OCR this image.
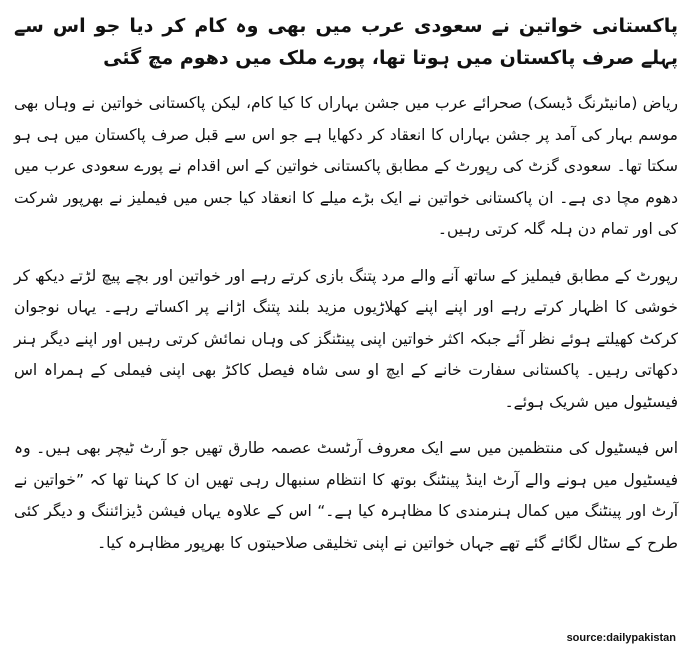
پاکستانی خواتین نے سعودی عرب میں بھی وہ کام کر دیا جو اس سے پہلے صرف پاکستان میں ہوتا تھا، پورے ملک میں دھوم مچ گئی

ریاض (مانیٹرنگ ڈیسک) صحرائے عرب میں جشن بہاراں کا کیا کام، لیکن پاکستانی خواتین نے وہاں بھی موسم بہار کی آمد پر جشن بہاراں کا انعقاد کر دکھایا ہے جو اس سے قبل صرف پاکستان میں ہی ہو سکتا تھا۔ سعودی گزٹ کی رپورٹ کے مطابق پاکستانی خواتین کے اس اقدام نے پورے سعودی عرب میں دھوم مچا دی ہے۔ ان پاکستانی خواتین نے ایک بڑے میلے کا انعقاد کیا جس میں فیملیز نے بھرپور شرکت کی اور تمام دن ہلہ گلہ کرتی رہیں۔

رپورٹ کے مطابق فیملیز کے ساتھ آنے والے مرد پتنگ بازی کرتے رہے اور خواتین اور بچے پیچ لڑتے دیکھ کر خوشی کا اظہار کرتے رہے اور اپنے اپنے کھلاڑیوں مزید بلند پتنگ اڑانے پر اکساتے رہے۔ یہاں نوجوان کرکٹ کھیلتے ہوئے نظر آئے جبکہ اکثر خواتین اپنی پینٹنگز کی وہاں نمائش کرتی رہیں اور اپنے دیگر ہنر دکھاتی رہیں۔ پاکستانی سفارت خانے کے ایچ او سی شاہ فیصل کاکڑ بھی اپنی فیملی کے ہمراہ اس فیسٹیول میں شریک ہوئے۔

اس فیسٹیول کی منتظمین میں سے ایک معروف آرٹسٹ عصمہ طارق تھیں جو آرٹ ٹیچر بھی ہیں۔ وہ فیسٹیول میں ہونے والے آرٹ اینڈ پینٹنگ بوتھ کا انتظام سنبھال رہی تھیں ان کا کہنا تھا کہ ”خواتین نے آرٹ اور پینٹنگ میں کمال ہنرمندی کا مظاہرہ کیا ہے۔“ اس کے علاوہ یہاں فیشن ڈیزائننگ و دیگر کئی طرح کے سٹال لگائے گئے تھے جہاں خواتین نے اپنی تخلیقی صلاحیتوں کا بھرپور مظاہرہ کیا۔

source:dailypakistan
